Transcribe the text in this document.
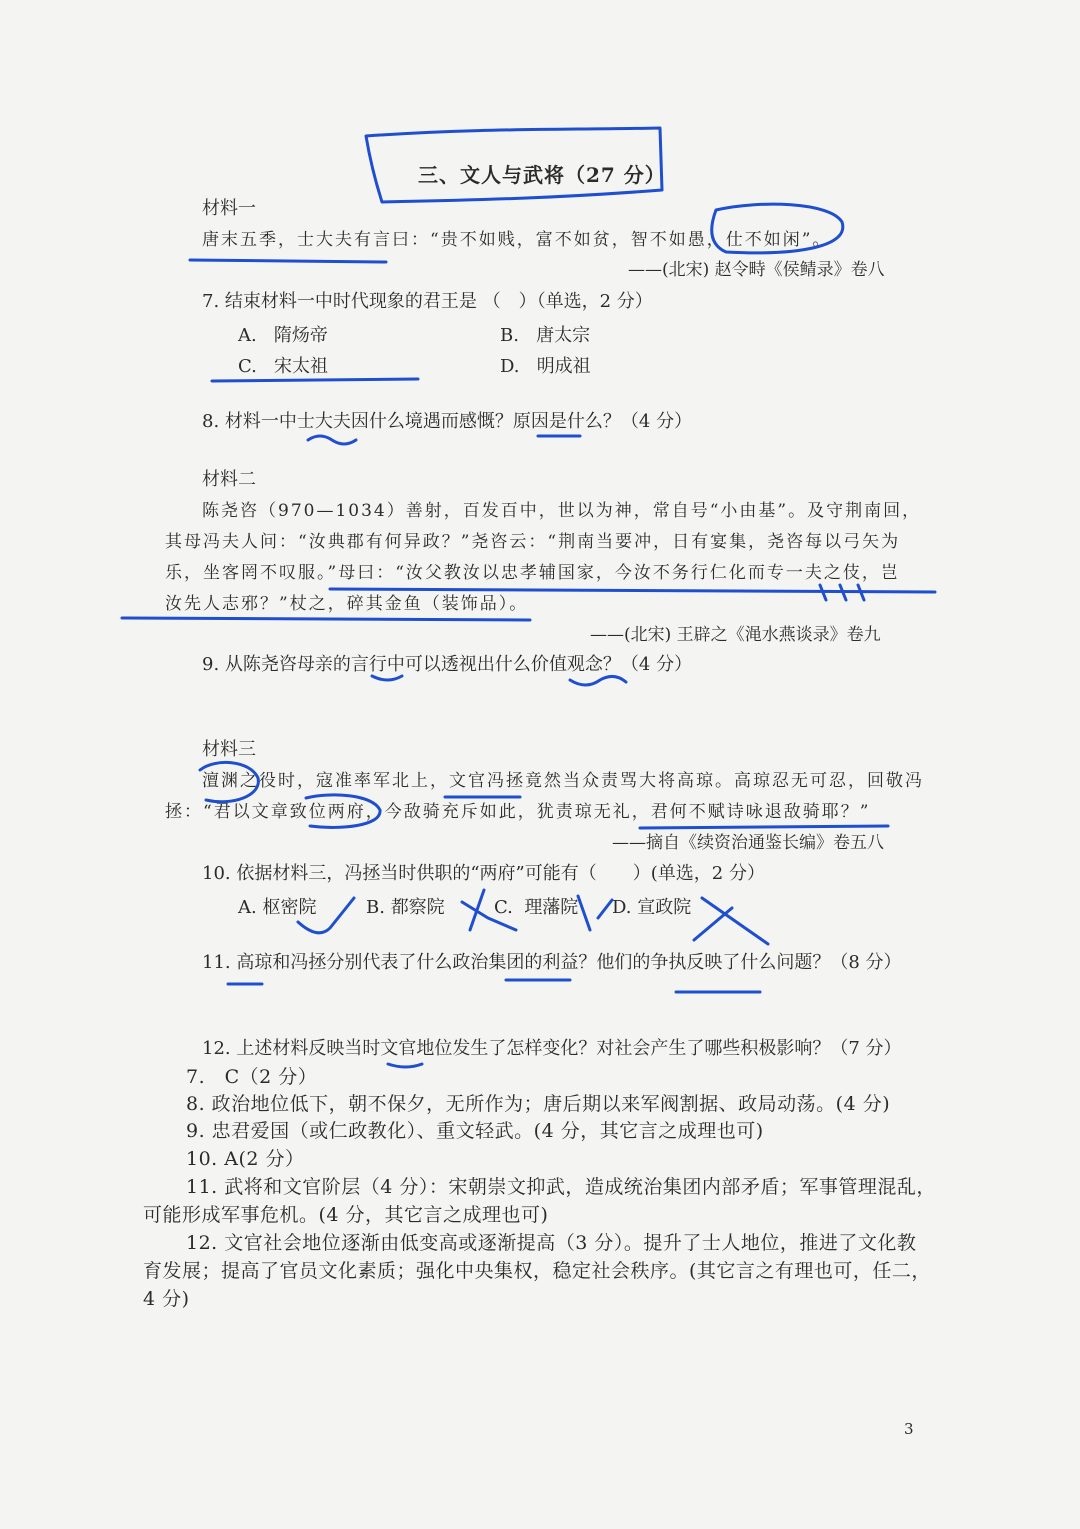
三、文人与武将（27 分）
材料一
唐末五季，士大夫有言曰：“贵不如贱，富不如贫，智不如愚，仕不如闲”。
——(北宋) 赵令畤《侯鲭录》卷八
7. 结束材料一中时代现象的君王是 （　）（单选，2 分）
A. 隋炀帝	B. 唐太宗
C. 宋太祖	D. 明成祖
8. 材料一中士大夫因什么境遇而感慨？原因是什么？（4 分）
材料二
陈尧咨（970—1034）善射，百发百中，世以为神，常自号“小由基”。及守荆南回，
其母冯夫人问：“汝典郡有何异政？”尧咨云：“荆南当要冲，日有宴集，尧咨每以弓矢为
乐，坐客罔不叹服。”母曰：“汝父教汝以忠孝辅国家，今汝不务行仁化而专一夫之伎，岂
汝先人志邪？”杖之，碎其金鱼（装饰品）。
——(北宋) 王辟之《渑水燕谈录》卷九
9. 从陈尧咨母亲的言行中可以透视出什么价值观念？（4 分）
材料三
澶渊之役时，寇准率军北上，文官冯拯竟然当众责骂大将高琼。高琼忍无可忍，回敬冯
拯：“君以文章致位两府，今敌骑充斥如此，犹责琼无礼，君何不赋诗咏退敌骑耶？”
——摘自《续资治通鉴长编》卷五八
10. 依据材料三，冯拯当时供职的“两府”可能有（　　）(单选，2 分）
A. 枢密院	B. 都察院	C. 理藩院 D. 宣政院
11. 高琼和冯拯分别代表了什么政治集团的利益？他们的争执反映了什么问题？（8 分）
12. 上述材料反映当时文官地位发生了怎样变化？对社会产生了哪些积极影响？（7 分）
7.　C（2 分）
8. 政治地位低下，朝不保夕，无所作为；唐后期以来军阀割据、政局动荡。(4 分)
9. 忠君爱国（或仁政教化）、重文轻武。(4 分，其它言之成理也可)
10. A(2 分）
11. 武将和文官阶层（4 分）：宋朝崇文抑武，造成统治集团内部矛盾；军事管理混乱，
可能形成军事危机。(4 分，其它言之成理也可)
12. 文官社会地位逐渐由低变高或逐渐提高（3 分）。提升了士人地位，推进了文化教
育发展；提高了官员文化素质；强化中央集权，稳定社会秩序。(其它言之有理也可，任二，
4 分)
3
